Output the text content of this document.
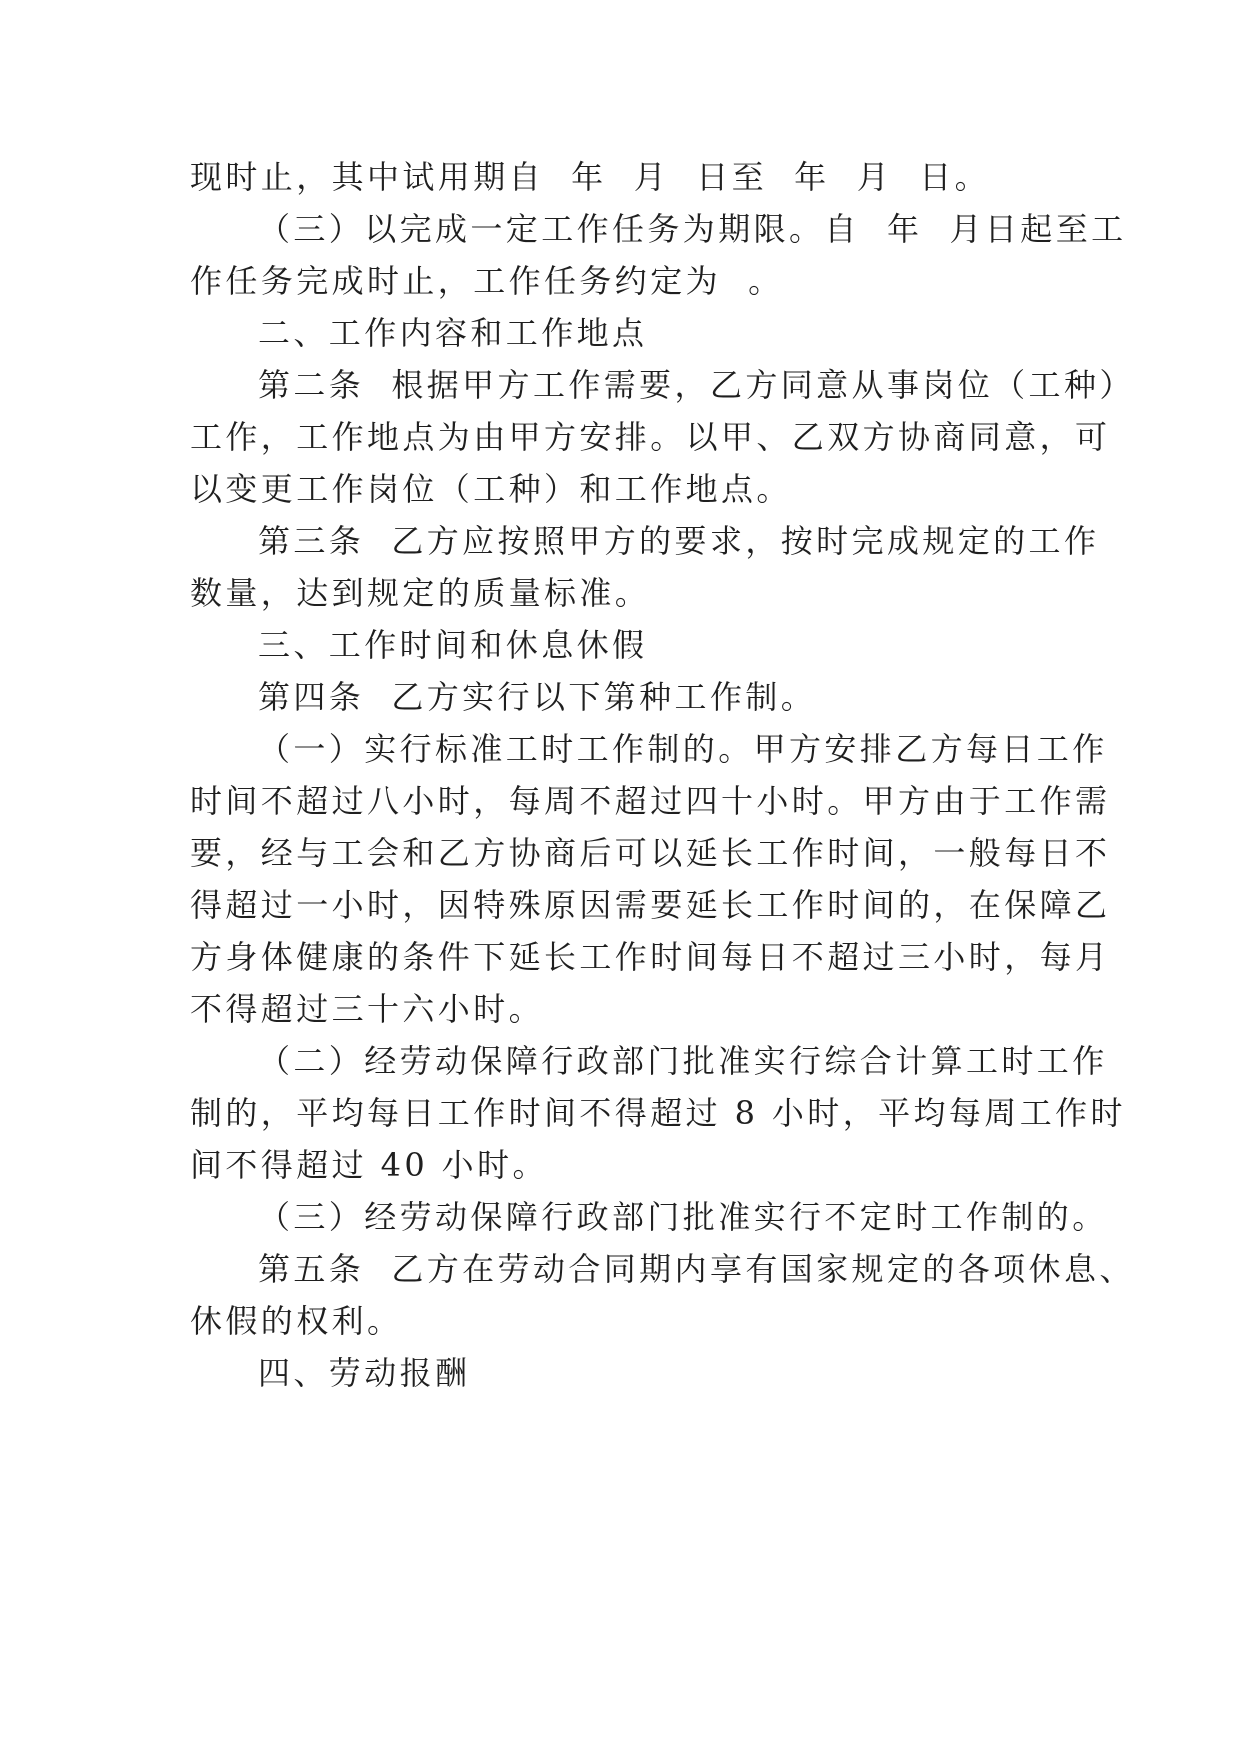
现时止，其中试用期自  年  月  日至  年  月  日。

（三）以完成一定工作任务为期限。自  年  月日起至工

作任务完成时止，工作任务约定为  。

二、工作内容和工作地点

第二条  根据甲方工作需要，乙方同意从事岗位（工种）

工作，工作地点为由甲方安排。以甲、乙双方协商同意，可

以变更工作岗位（工种）和工作地点。

第三条  乙方应按照甲方的要求，按时完成规定的工作

数量，达到规定的质量标准。

三、工作时间和休息休假

第四条  乙方实行以下第种工作制。

（一）实行标准工时工作制的。甲方安排乙方每日工作

时间不超过八小时，每周不超过四十小时。甲方由于工作需

要，经与工会和乙方协商后可以延长工作时间，一般每日不

得超过一小时，因特殊原因需要延长工作时间的，在保障乙

方身体健康的条件下延长工作时间每日不超过三小时，每月

不得超过三十六小时。

（二）经劳动保障行政部门批准实行综合计算工时工作

制的，平均每日工作时间不得超过 8 小时，平均每周工作时

间不得超过 40 小时。

（三）经劳动保障行政部门批准实行不定时工作制的。

第五条  乙方在劳动合同期内享有国家规定的各项休息、

休假的权利。

四、劳动报酬
